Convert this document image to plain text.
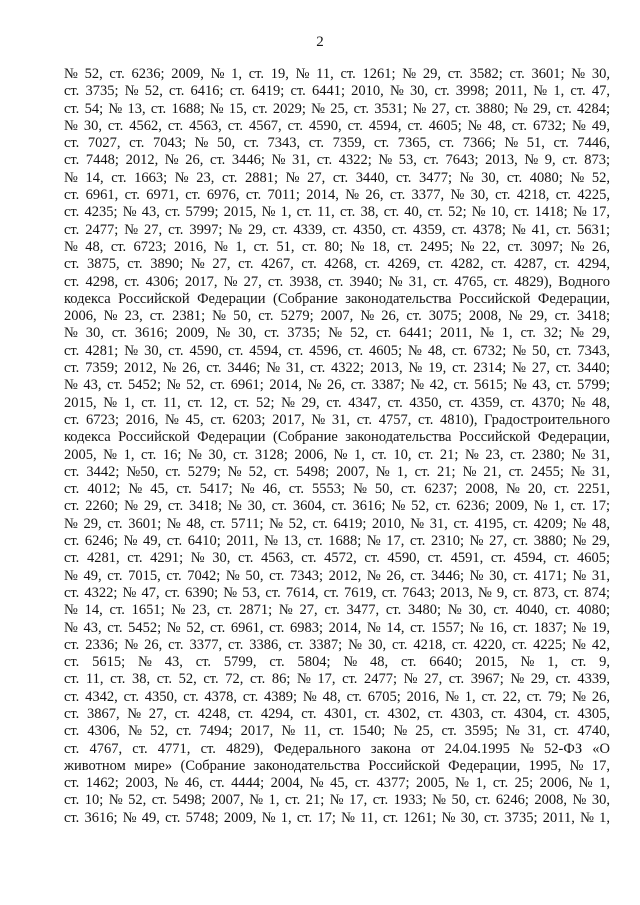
2
№ 52, ст. 6236; 2009, № 1, ст. 19, № 11, ст. 1261; № 29, ст. 3582; ст. 3601; № 30,
ст. 3735; № 52, ст. 6416; ст. 6419; ст. 6441; 2010, № 30, ст. 3998; 2011, № 1, ст. 47,
ст. 54; № 13, ст. 1688; № 15, ст. 2029; № 25, ст. 3531; № 27, ст. 3880; № 29, ст. 4284;
№ 30, ст. 4562, ст. 4563, ст. 4567, ст. 4590, ст. 4594, ст. 4605; № 48, ст. 6732; № 49,
ст. 7027, ст. 7043; № 50, ст. 7343, ст. 7359, ст. 7365, ст. 7366; № 51, ст. 7446,
ст. 7448; 2012, № 26, ст. 3446; № 31, ст. 4322; № 53, ст. 7643; 2013, № 9, ст. 873;
№ 14, ст. 1663; № 23, ст. 2881; № 27, ст. 3440, ст. 3477; № 30, ст. 4080; № 52,
ст. 6961, ст. 6971, ст. 6976, ст. 7011; 2014, № 26, ст. 3377, № 30, ст. 4218, ст. 4225,
ст. 4235; № 43, ст. 5799; 2015, № 1, ст. 11, ст. 38, ст. 40, ст. 52; № 10, ст. 1418; № 17,
ст. 2477; № 27, ст. 3997; № 29, ст. 4339, ст. 4350, ст. 4359, ст. 4378; № 41, ст. 5631;
№ 48, ст. 6723; 2016, № 1, ст. 51, ст. 80; № 18, ст. 2495; № 22, ст. 3097; № 26,
ст. 3875, ст. 3890; № 27, ст. 4267, ст. 4268, ст. 4269, ст. 4282, ст. 4287, ст. 4294,
ст. 4298, ст. 4306; 2017, № 27, ст. 3938, ст. 3940; № 31, ст. 4765, ст. 4829), Водного
кодекса Российской Федерации (Собрание законодательства Российской Федерации,
2006, № 23, ст. 2381; № 50, ст. 5279; 2007, № 26, ст. 3075; 2008, № 29, ст. 3418;
№ 30, ст. 3616; 2009, № 30, ст. 3735; № 52, ст. 6441; 2011, № 1, ст. 32; № 29,
ст. 4281; № 30, ст. 4590, ст. 4594, ст. 4596, ст. 4605; № 48, ст. 6732; № 50, ст. 7343,
ст. 7359; 2012, № 26, ст. 3446; № 31, ст. 4322; 2013, № 19, ст. 2314; № 27, ст. 3440;
№ 43, ст. 5452; № 52, ст. 6961; 2014, № 26, ст. 3387; № 42, ст. 5615; № 43, ст. 5799;
2015, № 1, ст. 11, ст. 12, ст. 52; № 29, ст. 4347, ст. 4350, ст. 4359, ст. 4370; № 48,
ст. 6723; 2016, № 45, ст. 6203; 2017, № 31, ст. 4757, ст. 4810), Градостроительного
кодекса Российской Федерации (Собрание законодательства Российской Федерации,
2005, № 1, ст. 16; № 30, ст. 3128; 2006, № 1, ст. 10, ст. 21; № 23, ст. 2380; № 31,
ст. 3442; №50, ст. 5279; № 52, ст. 5498; 2007, № 1, ст. 21; № 21, ст. 2455; № 31,
ст. 4012; № 45, ст. 5417; № 46, ст. 5553; № 50, ст. 6237; 2008, № 20, ст. 2251,
ст. 2260; № 29, ст. 3418; № 30, ст. 3604, ст. 3616; № 52, ст. 6236; 2009, № 1, ст. 17;
№ 29, ст. 3601; № 48, ст. 5711; № 52, ст. 6419; 2010, № 31, ст. 4195, ст. 4209; № 48,
ст. 6246; № 49, ст. 6410; 2011, № 13, ст. 1688; № 17, ст. 2310; № 27, ст. 3880; № 29,
ст. 4281, ст. 4291; № 30, ст. 4563, ст. 4572, ст. 4590, ст. 4591, ст. 4594, ст. 4605;
№ 49, ст. 7015, ст. 7042; № 50, ст. 7343; 2012, № 26, ст. 3446; № 30, ст. 4171; № 31,
ст. 4322; № 47, ст. 6390; № 53, ст. 7614, ст. 7619, ст. 7643; 2013, № 9, ст. 873, ст. 874;
№ 14, ст. 1651; № 23, ст. 2871; № 27, ст. 3477, ст. 3480; № 30, ст. 4040, ст. 4080;
№ 43, ст. 5452; № 52, ст. 6961, ст. 6983; 2014, № 14, ст. 1557; № 16, ст. 1837; № 19,
ст. 2336; № 26, ст. 3377, ст. 3386, ст. 3387; № 30, ст. 4218, ст. 4220, ст. 4225; № 42,
ст. 5615; № 43, ст. 5799, ст. 5804; № 48, ст. 6640; 2015, № 1, ст. 9,
ст. 11, ст. 38, ст. 52, ст. 72, ст. 86; № 17, ст. 2477; № 27, ст. 3967; № 29, ст. 4339,
ст. 4342, ст. 4350, ст. 4378, ст. 4389; № 48, ст. 6705; 2016, № 1, ст. 22, ст. 79; № 26,
ст. 3867, № 27, ст. 4248, ст. 4294, ст. 4301, ст. 4302, ст. 4303, ст. 4304, ст. 4305,
ст. 4306, № 52, ст. 7494; 2017, № 11, ст. 1540; № 25, ст. 3595; № 31, ст. 4740,
ст. 4767, ст. 4771, ст. 4829), Федерального закона от 24.04.1995 № 52-ФЗ «О
животном мире» (Собрание законодательства Российской Федерации, 1995, № 17,
ст. 1462; 2003, № 46, ст. 4444; 2004, № 45, ст. 4377; 2005, № 1, ст. 25; 2006, № 1,
ст. 10; № 52, ст. 5498; 2007, № 1, ст. 21; № 17, ст. 1933; № 50, ст. 6246; 2008, № 30,
ст. 3616; № 49, ст. 5748; 2009, № 1, ст. 17; № 11, ст. 1261; № 30, ст. 3735; 2011, № 1,
